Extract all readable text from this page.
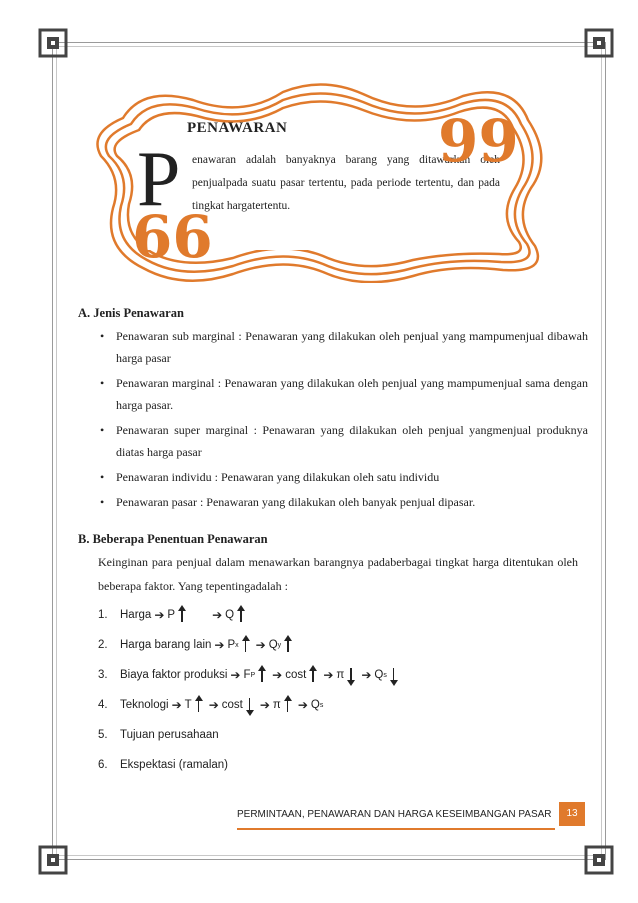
PENAWARAN
P enawaran adalah banyaknya barang yang ditawarkan oleh penjualpada suatu pasar tertentu, pada periode tertentu, dan pada tingkat hargatertentu.
99
66
A. Jenis Penawaran
• Penawaran sub marginal : Penawaran yang dilakukan oleh penjual yang mampumenjual dibawah harga pasar
• Penawaran marginal : Penawaran yang dilakukan oleh penjual yang mampumenjual sama dengan harga pasar.
• Penawaran super marginal : Penawaran yang dilakukan oleh penjual yangmenjual produknya diatas harga pasar
• Penawaran individu : Penawaran yang dilakukan oleh satu individu
• Penawaran pasar : Penawaran yang dilakukan oleh banyak penjual dipasar.
B. Beberapa Penentuan Penawaran
Keinginan para penjual dalam menawarkan barangnya padaberbagai tingkat harga ditentukan oleh beberapa faktor. Yang tepentingadalah :
1.	Harga ➔ P	➔ Q
2.	Harga barang lain ➔ P x ➔ Q y
3.	Biaya faktor produksi ➔ F P ➔ cost ➔ π ➔ Q s
4.	Teknologi ➔ T ➔ cost ➔ π ➔ Q s
5.	Tujuan perusahaan
6.	Ekspektasi (ramalan)
PERMINTAAN, PENAWARAN DAN HARGA KESEIMBANGAN PASAR	13
